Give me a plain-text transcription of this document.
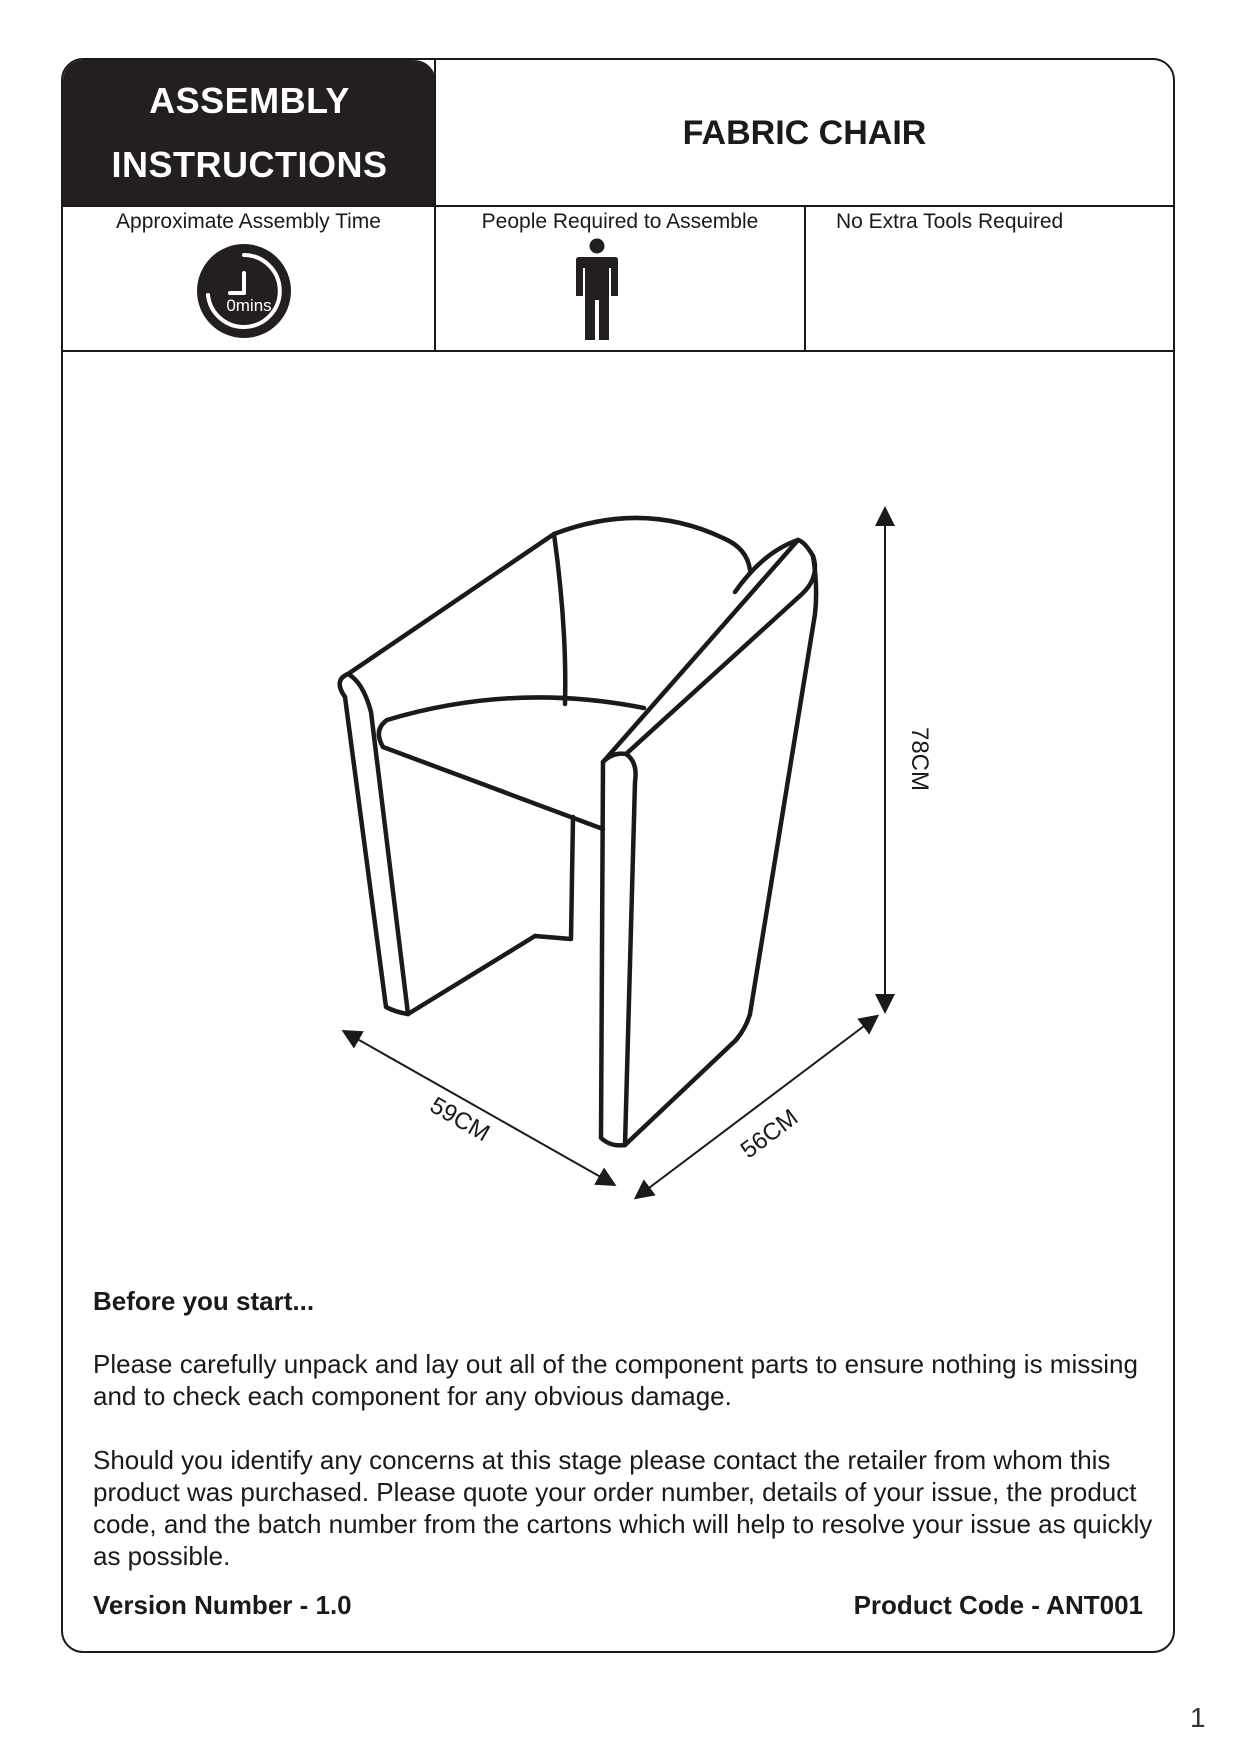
ASSEMBLY
INSTRUCTIONS
FABRIC CHAIR
Approximate Assembly Time	People Required to Assemble	No Extra Tools Required
0mins
78CM
59CM	56CM
Before you start...
Please carefully unpack and lay out all of the component parts to ensure nothing is missing and to check each component for any obvious damage.
Should you identify any concerns at this stage please contact the retailer from whom this product was purchased. Please quote your order number, details of your issue, the product code, and the batch number from the cartons which will help to resolve your issue as quickly as possible.
Version Number - 1.0	Product Code - ANT001
1
